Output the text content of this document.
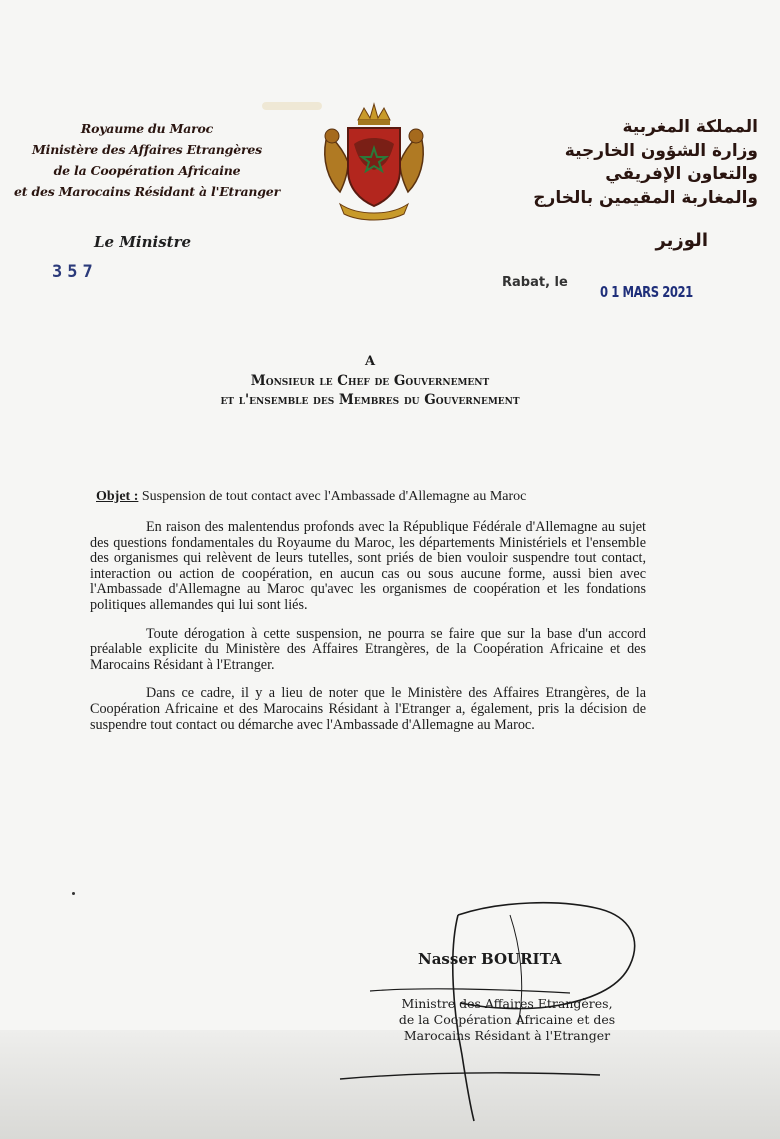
Royaume du Maroc
Ministère des Affaires Etrangères
de la Coopération Africaine
et des Marocains Résidant à l'Etranger
المملكة المغربية
وزارة الشؤون الخارجية
والتعاون الإفريقي
والمغاربة المقيمين بالخارج
Le Ministre	الوزير
357
Rabat, le
0 1 MARS 2021
A
Monsieur le Chef de Gouvernement
et l'ensemble des Membres du Gouvernement
Objet : Suspension de tout contact avec l'Ambassade d'Allemagne au Maroc

En raison des malentendus profonds avec la République Fédérale d'Allemagne au sujet des questions fondamentales du Royaume du Maroc, les départements Ministériels et l'ensemble des organismes qui relèvent de leurs tutelles, sont priés de bien vouloir suspendre tout contact, interaction ou action de coopération, en aucun cas ou sous aucune forme, aussi bien avec l'Ambassade d'Allemagne au Maroc qu'avec les organismes de coopération et les fondations politiques allemandes qui lui sont liés.

Toute dérogation à cette suspension, ne pourra se faire que sur la base d'un accord préalable explicite du Ministère des Affaires Etrangères, de la Coopération Africaine et des Marocains Résidant à l'Etranger.

Dans ce cadre, il y a lieu de noter que le Ministère des Affaires Etrangères, de la Coopération Africaine et des Marocains Résidant à l'Etranger a, également, pris la décision de suspendre tout contact ou démarche avec l'Ambassade d'Allemagne au Maroc.

Nasser BOURITA
Ministre des Affaires Etrangères,
de la Coopération Africaine et des
Marocains Résidant à l'Etranger
